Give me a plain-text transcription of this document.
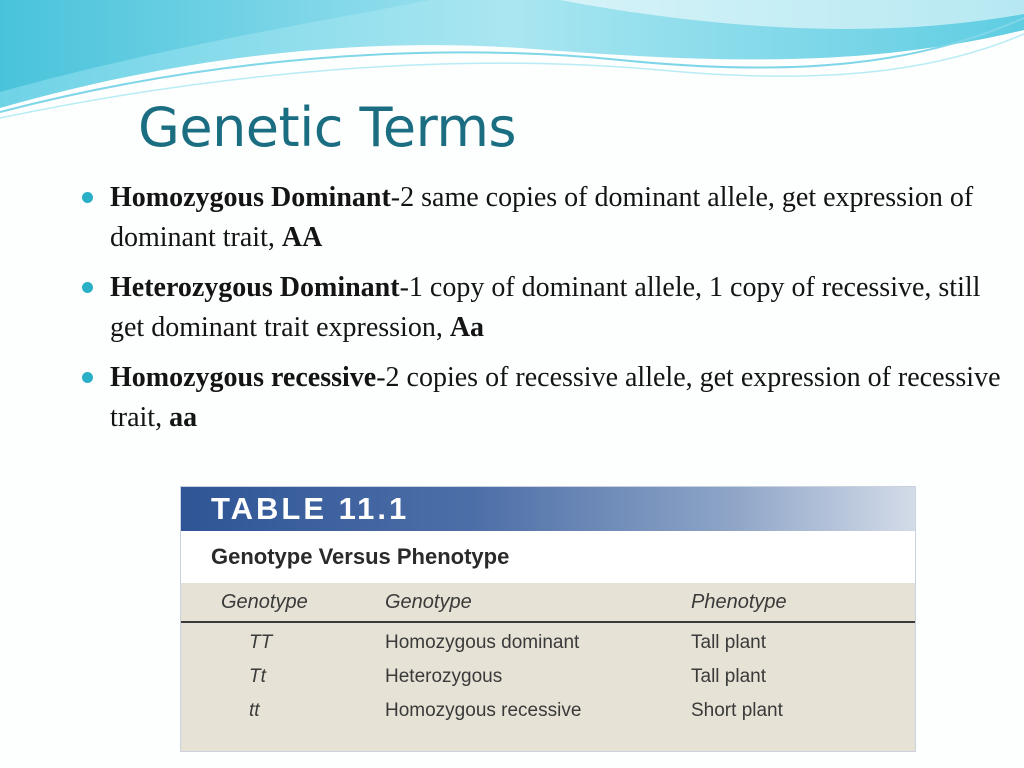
Genetic Terms
Homozygous Dominant-2 same copies of dominant allele, get expression of dominant trait, AA
Heterozygous Dominant-1 copy of dominant allele, 1 copy of recessive, still get dominant trait expression, Aa
Homozygous recessive-2 copies of recessive allele, get expression of recessive trait, aa
TABLE 11.1
Genotype Versus Phenotype
Genotype	Genotype	Phenotype
TT	Homozygous dominant	Tall plant
Tt	Heterozygous	Tall plant
tt	Homozygous recessive	Short plant
